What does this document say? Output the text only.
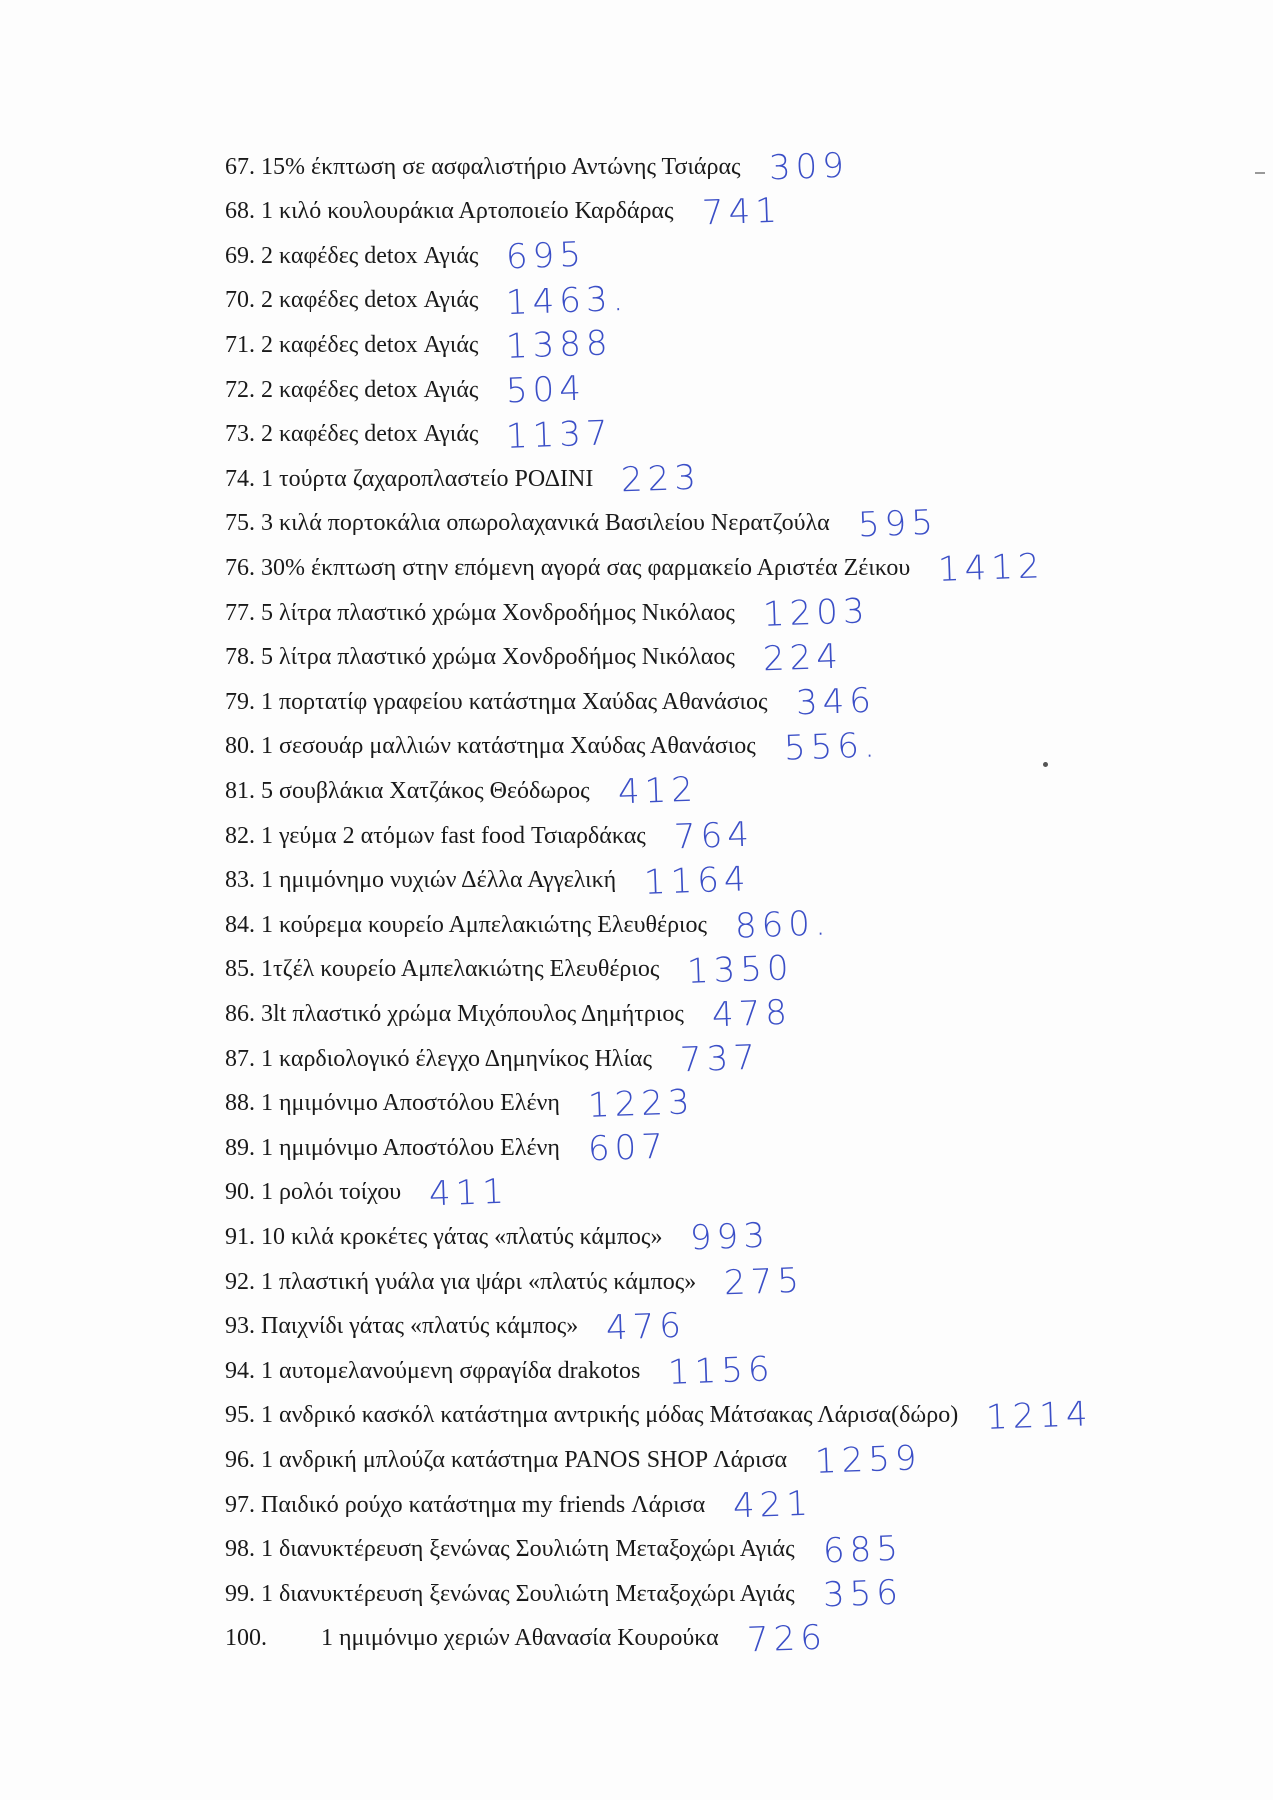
67. 15% έκπτωση σε ασφαλιστήριο Αντώνης Τσιάρας 309
68. 1 κιλό κουλουράκια Αρτοποιείο Καρδάρας 741
69. 2 καφέδες detox Αγιάς 695
70. 2 καφέδες detox Αγιάς 1463.
71. 2 καφέδες detox Αγιάς 1388
72. 2 καφέδες detox Αγιάς 504
73. 2 καφέδες detox Αγιάς 1137
74. 1 τούρτα ζαχαροπλαστείο ΡΟΔΙΝΙ 223
75. 3 κιλά πορτοκάλια οπωρολαχανικά Βασιλείου Νερατζούλα 595
76. 30% έκπτωση στην επόμενη αγορά σας φαρμακείο Αριστέα Ζέικου 1412
77. 5 λίτρα πλαστικό χρώμα Χονδροδήμος Νικόλαος 1203
78. 5 λίτρα πλαστικό χρώμα Χονδροδήμος Νικόλαος 224
79. 1 πορτατίφ γραφείου κατάστημα Χαύδας Αθανάσιος 346
80. 1 σεσουάρ μαλλιών κατάστημα Χαύδας Αθανάσιος 556.
81. 5 σουβλάκια Χατζάκος Θεόδωρος 412
82. 1 γεύμα 2 ατόμων fast food Τσιαρδάκας 764
83. 1 ημιμόνημο νυχιών Δέλλα Αγγελική 1164
84. 1 κούρεμα κουρείο Αμπελακιώτης Ελευθέριος 860.
85. 1τζέλ κουρείο Αμπελακιώτης Ελευθέριος 1350
86. 3lt πλαστικό χρώμα Μιχόπουλος Δημήτριος 478
87. 1 καρδιολογικό έλεγχο Δημηνίκος Ηλίας 737
88. 1 ημιμόνιμο Αποστόλου Ελένη 1223
89. 1 ημιμόνιμο Αποστόλου Ελένη 607
90. 1 ρολόι τοίχου 411
91. 10 κιλά κροκέτες γάτας «πλατύς κάμπος» 993
92. 1 πλαστική γυάλα για ψάρι «πλατύς κάμπος» 275
93. Παιχνίδι γάτας «πλατύς κάμπος» 476
94. 1 αυτομελανούμενη σφραγίδα drakotos 1156
95. 1 ανδρικό κασκόλ κατάστημα αντρικής μόδας Μάτσακας Λάρισα(δώρο) 1214
96. 1 ανδρική μπλούζα κατάστημα PANOS SHOP Λάρισα 1259
97. Παιδικό ρούχο κατάστημα my friends Λάρισα 421
98. 1 διανυκτέρευση ξενώνας Σουλιώτη Μεταξοχώρι Αγιάς 685
99. 1 διανυκτέρευση ξενώνας Σουλιώτη Μεταξοχώρι Αγιάς 356
100.	1 ημιμόνιμο χεριών Αθανασία Κουρούκα 726
